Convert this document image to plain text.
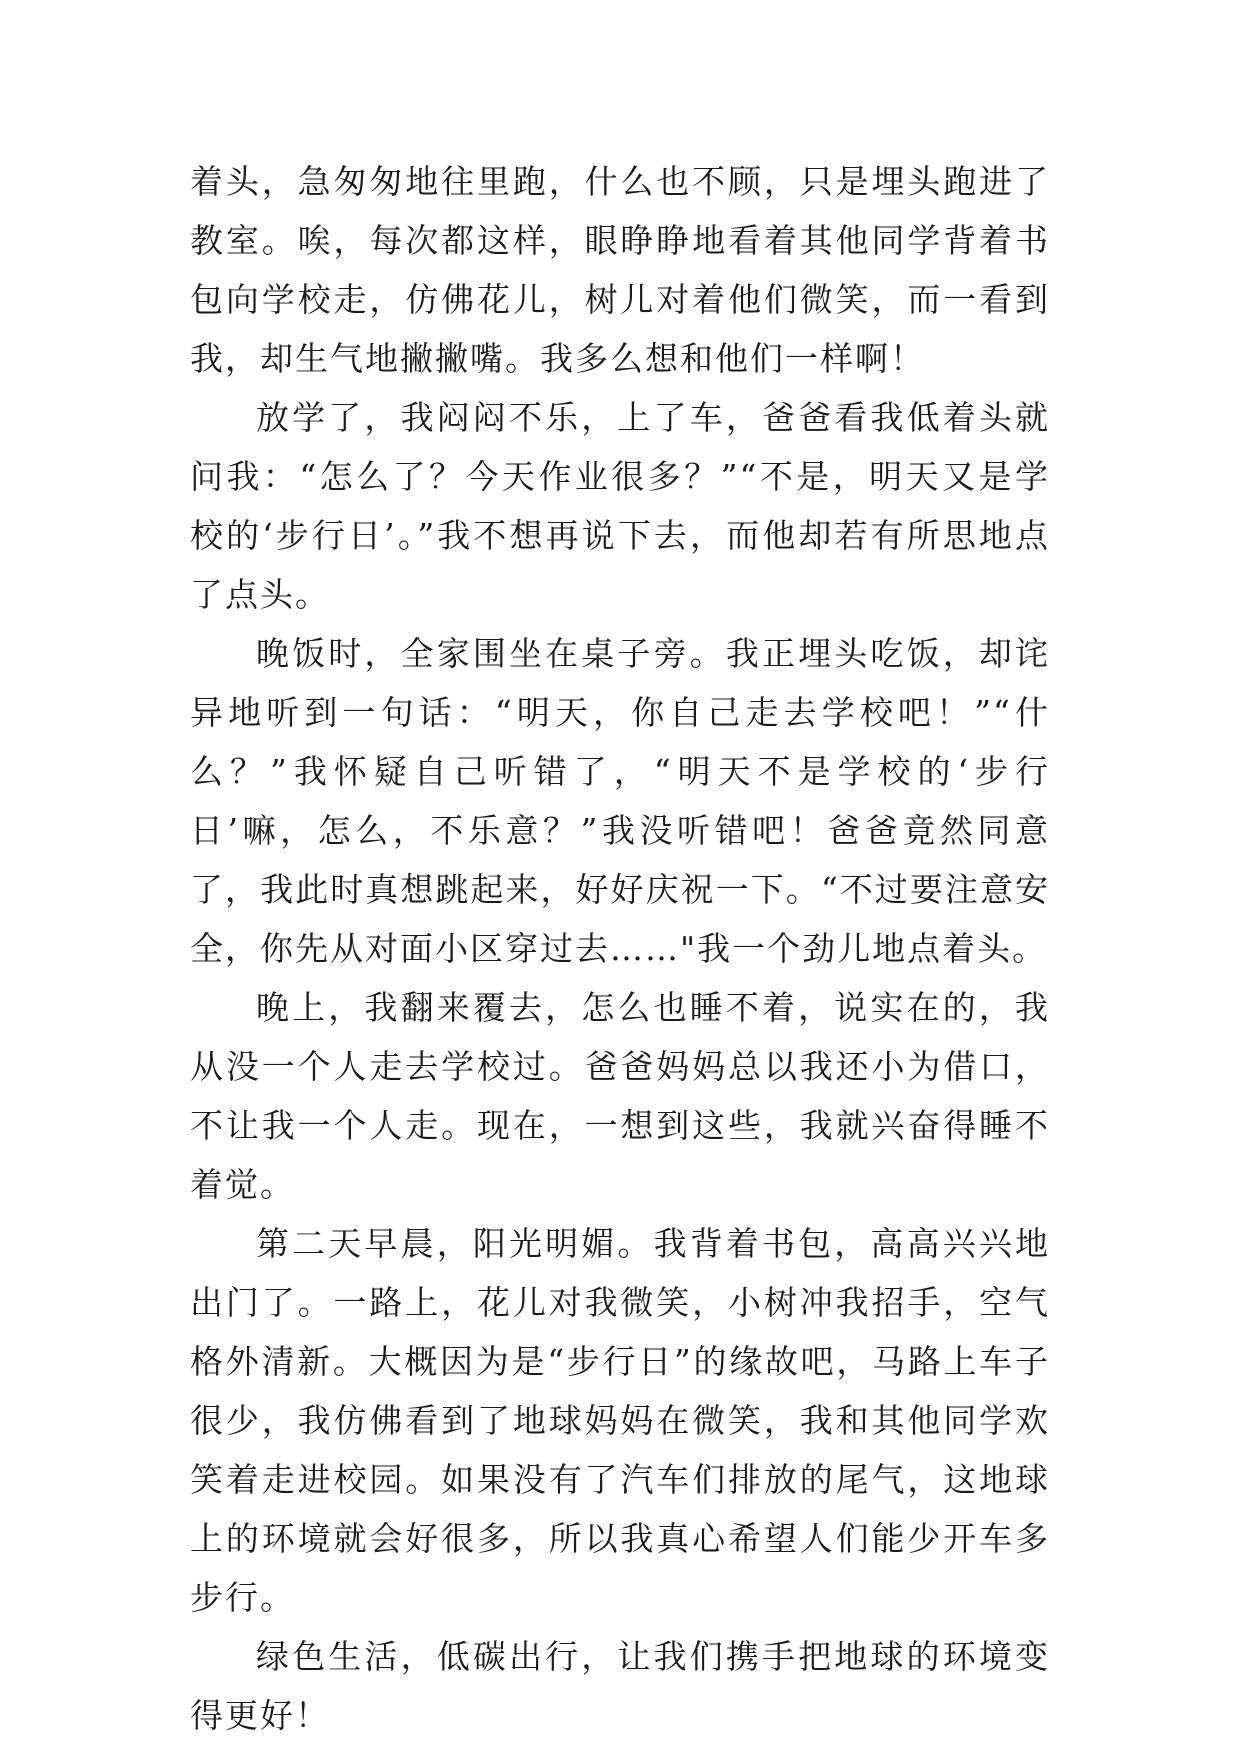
着头，急匆匆地往里跑，什么也不顾，只是埋头跑进了教室。唉，每次都这样，眼睁睁地看着其他同学背着书包向学校走，仿佛花儿，树儿对着他们微笑，而一看到我，却生气地撇撇嘴。我多么想和他们一样啊！

放学了，我闷闷不乐，上了车，爸爸看我低着头就问我：“怎么了？今天作业很多？”“不是，明天又是学校的‘步行日’。”我不想再说下去，而他却若有所思地点了点头。

晚饭时，全家围坐在桌子旁。我正埋头吃饭，却诧异地听到一句话：“明天，你自己走去学校吧！”“什么？”我怀疑自己听错了，“明天不是学校的‘步行日’嘛，怎么，不乐意？”我没听错吧！爸爸竟然同意了，我此时真想跳起来，好好庆祝一下。“不过要注意安全，你先从对面小区穿过去……"我一个劲儿地点着头。

晚上，我翻来覆去，怎么也睡不着，说实在的，我从没一个人走去学校过。爸爸妈妈总以我还小为借口，不让我一个人走。现在，一想到这些，我就兴奋得睡不着觉。

第二天早晨，阳光明媚。我背着书包，高高兴兴地出门了。一路上，花儿对我微笑，小树冲我招手，空气格外清新。大概因为是“步行日”的缘故吧，马路上车子很少，我仿佛看到了地球妈妈在微笑，我和其他同学欢笑着走进校园。如果没有了汽车们排放的尾气，这地球上的环境就会好很多，所以我真心希望人们能少开车多步行。

绿色生活，低碳出行，让我们携手把地球的环境变得更好！
